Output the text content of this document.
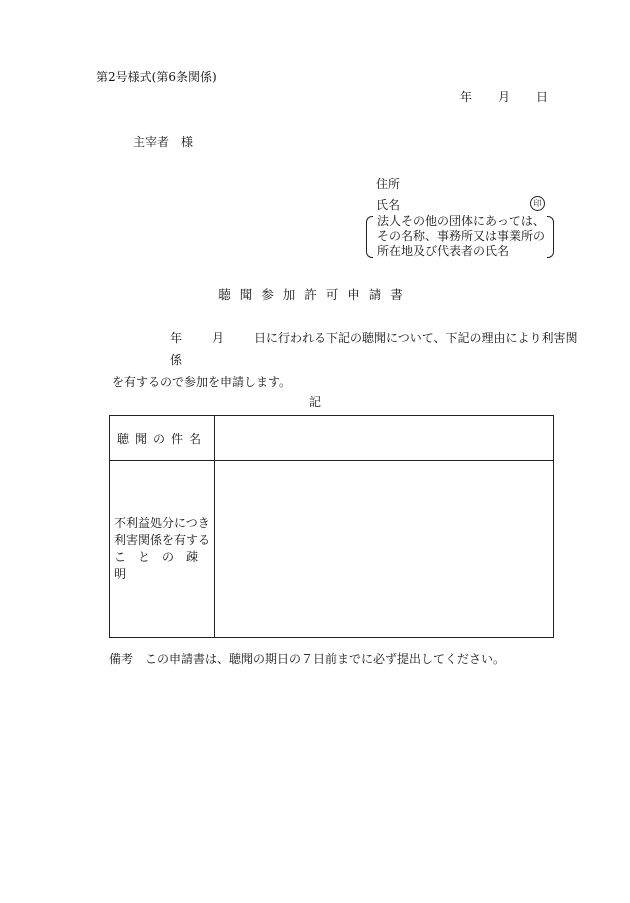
第2号様式(第6条関係)
年 月 日
主宰者　様
住所
氏名	印
法人その他の団体にあっては、
その名称、事務所又は事業所の
所在地及び代表者の氏名
聴聞参加許可申請書
年	月	日に行われる下記の聴聞について、下記の理由により利害関係
を有するので参加を申請します。
記
聴聞の件名	

不利益処分につき
利害関係を有する
ことの疎明	

備考 この申請書は、聴聞の期日の７日前までに必ず提出してください。
